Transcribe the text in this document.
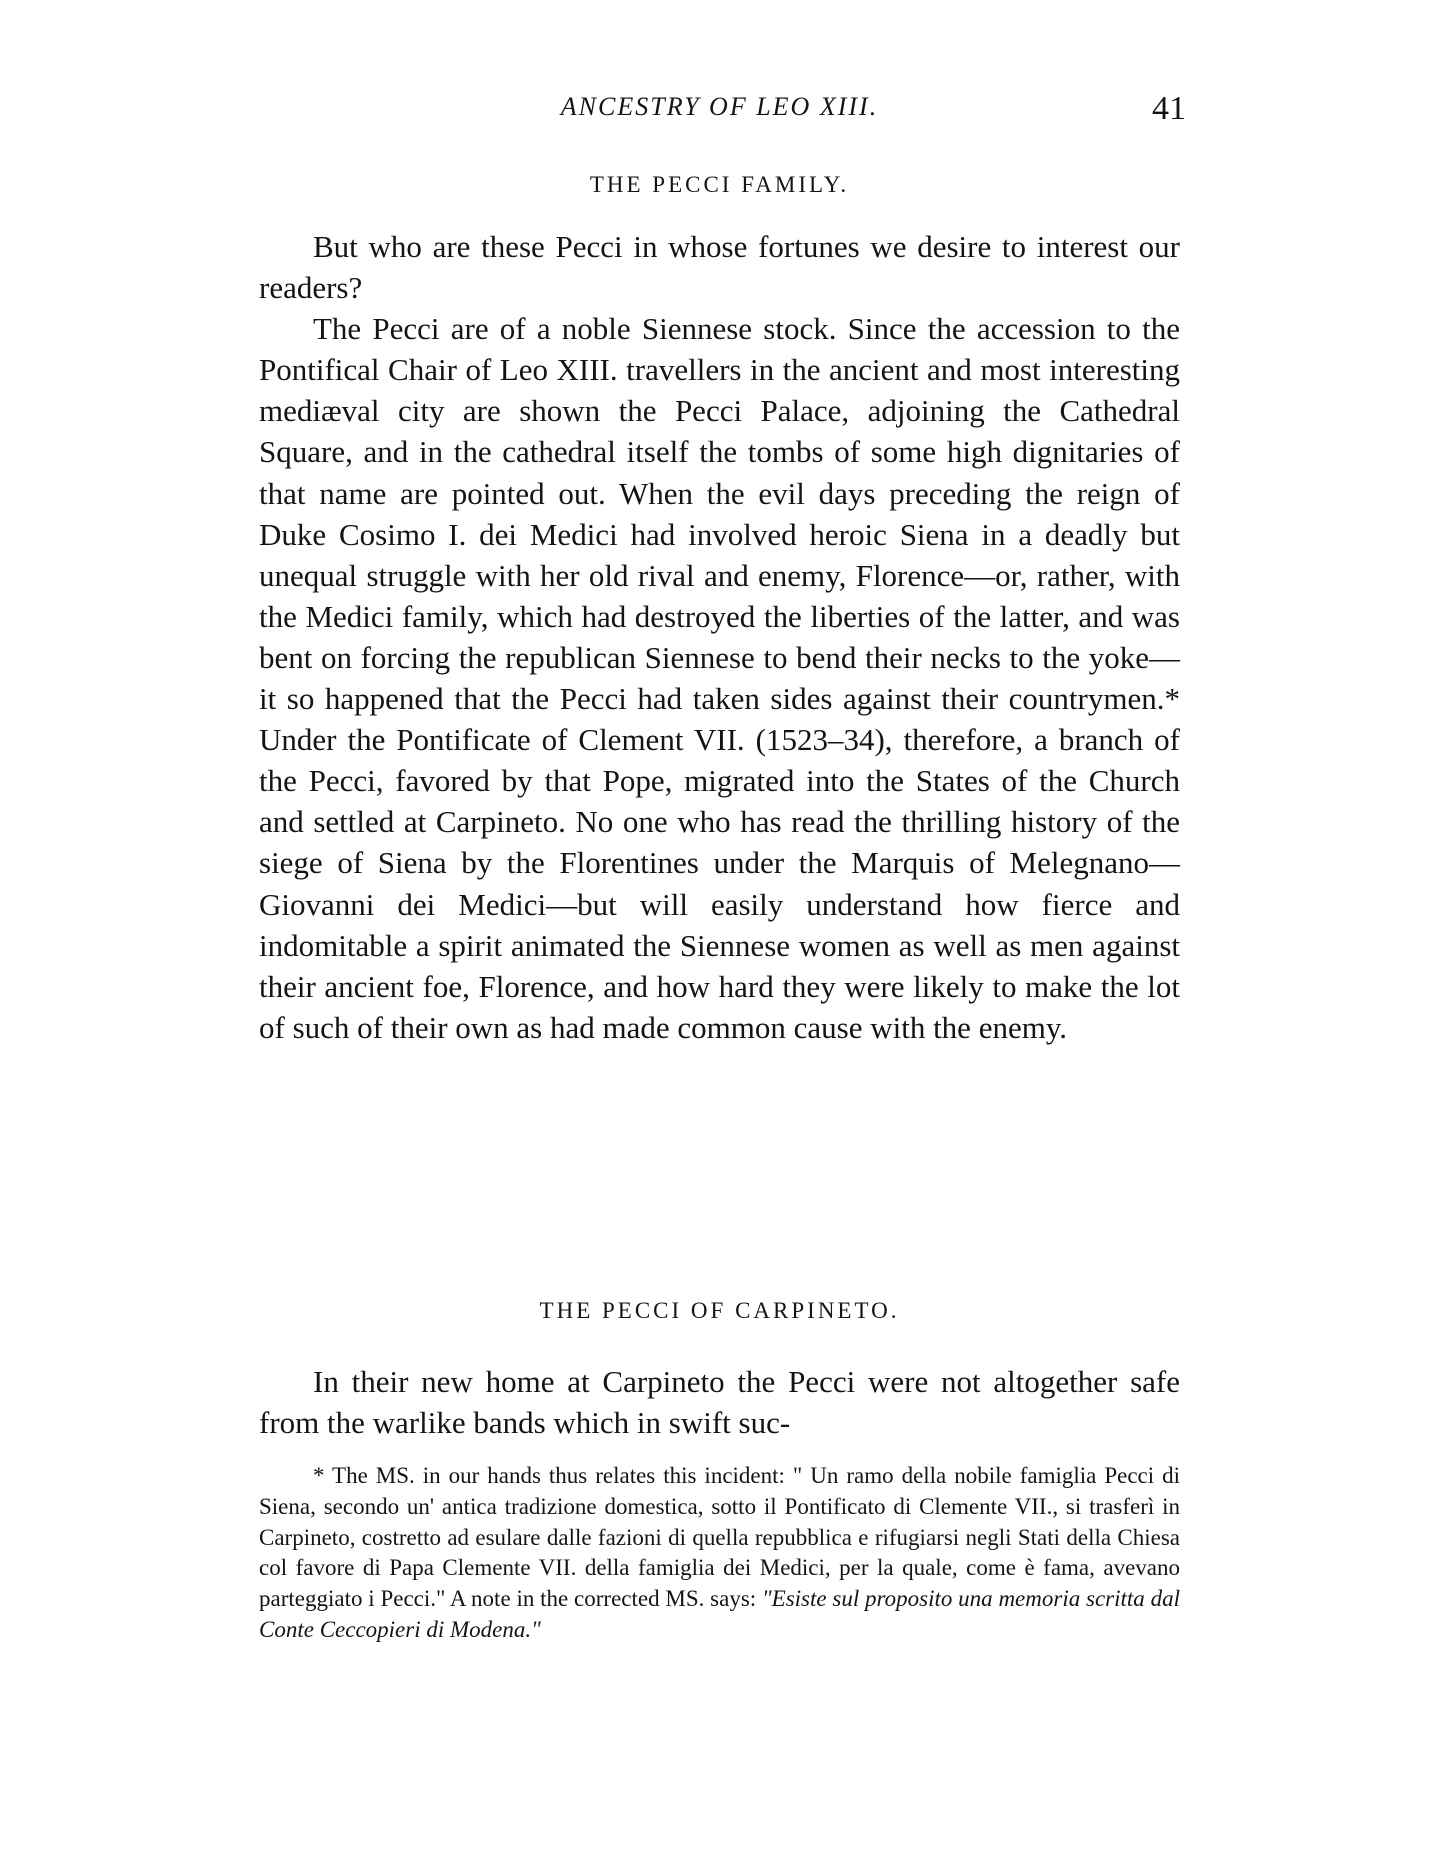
ANCESTRY OF LEO XIII.	41
THE PECCI FAMILY.

But who are these Pecci in whose fortunes we desire to interest our readers?

The Pecci are of a noble Siennese stock. Since the accession to the Pontifical Chair of Leo XIII. travellers in the ancient and most interesting mediæval city are shown the Pecci Palace, adjoining the Cathedral Square, and in the cathedral itself the tombs of some high dignitaries of that name are pointed out. When the evil days preceding the reign of Duke Cosimo I. dei Medici had involved heroic Siena in a deadly but unequal struggle with her old rival and enemy, Florence—or, rather, with the Medici family, which had destroyed the liberties of the latter, and was bent on forcing the republican Siennese to bend their necks to the yoke—it so happened that the Pecci had taken sides against their countrymen.* Under the Pontificate of Clement VII. (1523–34), therefore, a branch of the Pecci, favored by that Pope, migrated into the States of the Church and settled at Carpineto. No one who has read the thrilling history of the siege of Siena by the Florentines under the Marquis of Melegnano—Giovanni dei Medici—but will easily understand how fierce and indomitable a spirit animated the Siennese women as well as men against their ancient foe, Florence, and how hard they were likely to make the lot of such of their own as had made common cause with the enemy.

THE PECCI OF CARPINETO.

In their new home at Carpineto the Pecci were not altogether safe from the warlike bands which in swift suc-

* The MS. in our hands thus relates this incident: " Un ramo della nobile famiglia Pecci di Siena, secondo un' antica tradizione domestica, sotto il Pontificato di Clemente VII., si trasferì in Carpineto, costretto ad esulare dalle fazioni di quella repubblica e rifugiarsi negli Stati della Chiesa col favore di Papa Clemente VII. della famiglia dei Medici, per la quale, come è fama, avevano parteggiato i Pecci." A note in the corrected MS. says: "Esiste sul proposito una memoria scritta dal Conte Ceccopieri di Modena."
